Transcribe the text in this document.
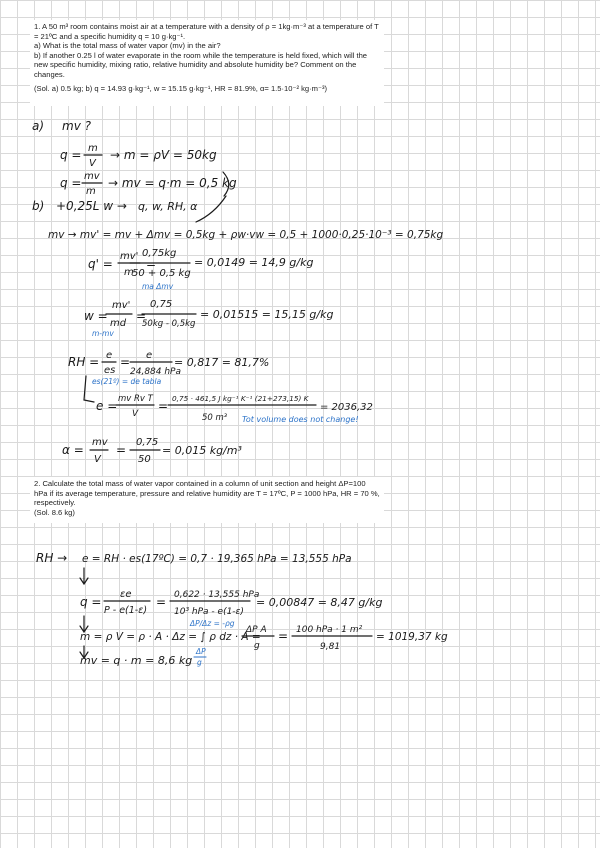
1. A 50 m³ room contains moist air at a temperature with a density of ρ = 1kg·m⁻³ at a temperature of T = 21ºC and a specific humidity q = 10 g·kg⁻¹.

a) What is the total mass of water vapor (mv) in the air?

b) If another 0.25 l of water evaporate in the room while the temperature is held fixed, which will the new specific humidity, mixing ratio, relative humidity and absolute humidity be? Comment on the changes.

(Sol. a) 0.5 kg; b) q = 14.93 g·kg⁻¹, w = 15.15 g·kg⁻¹, HR = 81.9%, α= 1.5·10⁻² kg·m⁻³)

2. Calculate the total mass of water vapor contained in a column of unit section and height ΔP=100 hPa if its average temperature, pressure and relative humidity are T = 17ºC, P = 1000 hPa, HR = 70 %, respectively.

(Sol. 8.6 kg)

a) mv ?
q = m
V
→ m = ρV = 50kg
q = mv
m
→ mv = q·m = 0,5 kg
b) +0,25L w → q, w, RH, α
mv → mv' = mv + Δmv = 0,5kg + ρw·vw = 0,5 + 1000·0,25·10⁻³ = 0,75kg
q' =
mv'
m
=
0,75kg
50 + 0,5 kg
= 0,0149 = 14,9 g/kg
ma Δmv
w =
mv'
md
m-mv
=
0,75
50kg - 0,5kg
= 0,01515 = 15,15 g/kg
RH = e
es
= e
24,884 hPa
= 0,817 = 81,7%
es(21º) = de tabla
e = mv Rv T
V
=
0,75 · 461,5 J kg⁻¹ K⁻¹ (21+273,15) K
50 m³
= 2036,32
Tot volume does not change!
α =
mv
V
=
0,75
50
= 0,015 kg/m³
RH → e = RH · es(17ºC) = 0,7 · 19,365 hPa = 13,555 hPa
q =
εe
P - e(1-ε)
= 0,622 · 13,555 hPa
10³ hPa - e(1-ε)
= 0,00847 = 8,47 g/kg
ΔP/Δz = -ρg
m = ρ V = ρ · A · Δz = ∫ ρ dz · A =
ΔP A
g
= 100 hPa · 1 m²
9,81
= 1019,37 kg
ΔP
g
mv = q · m = 8,6 kg
